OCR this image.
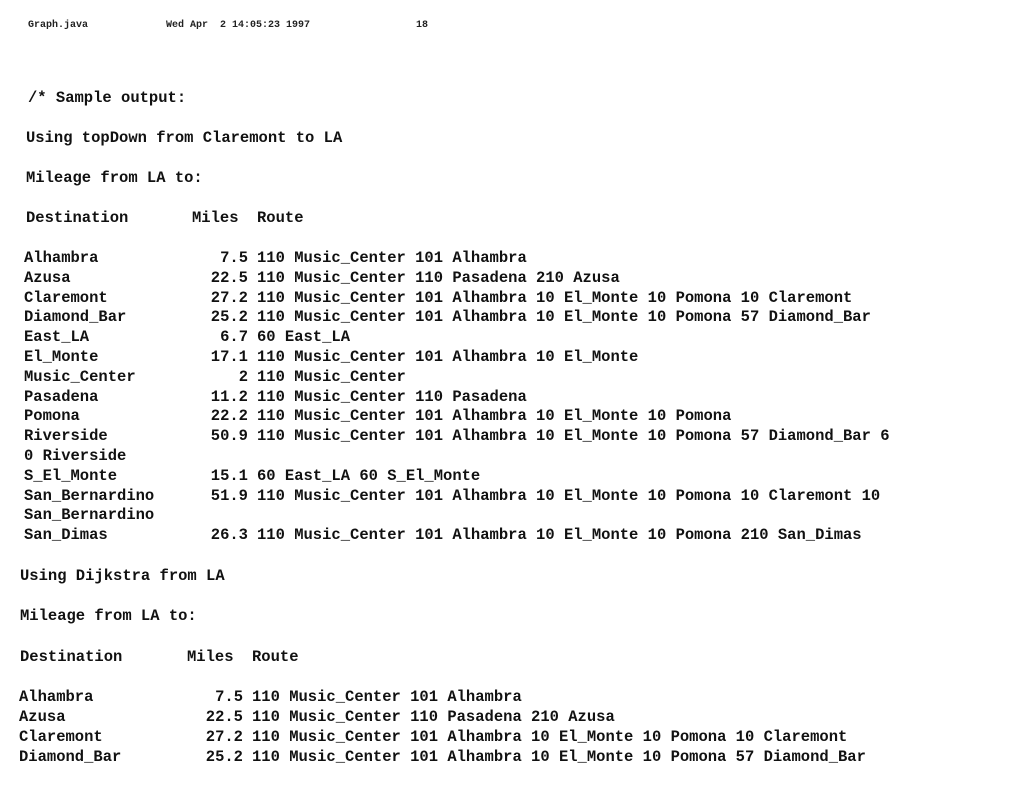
Graph.java

	Wed Apr  2 14:05:23 1997

	18

/* Sample output:
Using topDown from Claremont to LA
Mileage from LA to:
Destination	Miles Route
Alhambra	7.5 110 Music_Center 101 Alhambra
Azusa	22.5 110 Music_Center 110 Pasadena 210 Azusa
Claremont	27.2 110 Music_Center 101 Alhambra 10 El_Monte 10 Pomona 10 Claremont
Diamond_Bar	25.2 110 Music_Center 101 Alhambra 10 El_Monte 10 Pomona 57 Diamond_Bar
East_LA	6.7 60 East_LA
El_Monte	17.1 110 Music_Center 101 Alhambra 10 El_Monte
Music_Center	2 110 Music_Center
Pasadena	11.2 110 Music_Center 110 Pasadena
Pomona	22.2 110 Music_Center 101 Alhambra 10 El_Monte 10 Pomona
Riverside	50.9 110 Music_Center 101 Alhambra 10 El_Monte 10 Pomona 57 Diamond_Bar 6
0 Riverside
S_El_Monte	15.1 60 East_LA 60 S_El_Monte
San_Bernardino	51.9 110 Music_Center 101 Alhambra 10 El_Monte 10 Pomona 10 Claremont 10
San_Bernardino
San_Dimas	26.3 110 Music_Center 101 Alhambra 10 El_Monte 10 Pomona 210 San_Dimas
Using Dijkstra from LA
Mileage from LA to:
Destination	Miles Route
Alhambra	7.5 110 Music_Center 101 Alhambra
Azusa	22.5 110 Music_Center 110 Pasadena 210 Azusa
Claremont	27.2 110 Music_Center 101 Alhambra 10 El_Monte 10 Pomona 10 Claremont
Diamond_Bar	25.2 110 Music_Center 101 Alhambra 10 El_Monte 10 Pomona 57 Diamond_Bar
